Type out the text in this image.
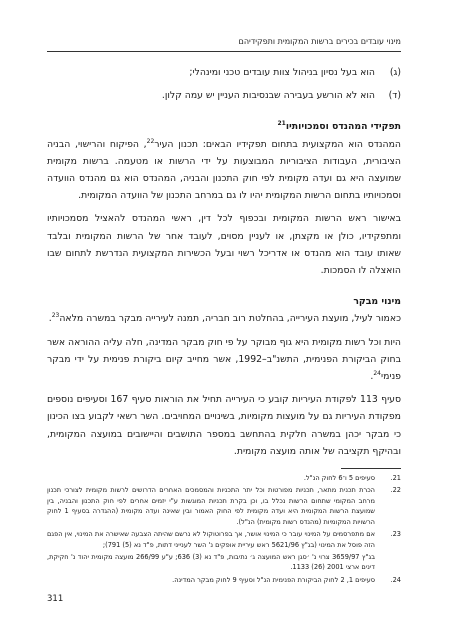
מינוי עובדים בכירים ברשות המקומית ותפקידיהם
(ג)
הוא בעל נסיון בניהול צוות עובדים טכני ומינהלי;
(ד)
הוא לא הורשע בעבירה שבנסיבות העניין יש עמה קלון.
תפקידי המהנדס וסמכויותיו$^{21}$
המהנדס הוא המקצועית בתחום תפקידיו הבאים: תכנון העיר$^{22}$, הפיקוח והרישוי, הבניה הציבורית, העבודות הציבוריות המבוצעות על ידי הרשות או מטעמה. ברשות מקומית שמועצה היא גם ועדה מקומית לפי חוק התכנון והבניה, המהנדס הוא גם מהנדס הוועדה וסמכויותיו בתחום הרשות המקומית יהיו לו גם במרחב התכנון של הוועדה המקומית.
באישור ראש הרשות המקומית ובכפוף לכל דין, ראשי המהנדס להאציל מסמכויותיו ומתפקידיו, כולן או מקצתן, או לעניין מסוים, לעובד אחר של הרשות המקומית ובלבד שאותו עובד הוא מהנדס או אדריכל רשוי ובעל הכשירות המקצועית הנדרשת לתחום שבו הואצלה לו הסמכות.
מינוי מבקר
כאמור לעיל, מועצת העירייה, בהחלטת רוב חבריה, תמנה לעירייה מבקר במשרה מלאה$^{23}$.
היות וכל רשות מקומית היא גוף מבוקר על פי חוק מבקר המדינה, חלה עליה ההוראה אשר בחוק הביקורת הפנימית, התשנ"ב–1992, אשר מחייב קיום ביקורת פנימית על ידי מבקר פנימי$^{24}$.
סעיף 113 לפקודת העיריות קובע כי העירייה תחיל את הוראות סעיף 167 וסעיפים נוספים מפקודת העיריות גם על מועצות מקומיות, בשינויים המחויבים. השר רשאי לקבוע בצו הכינון כי מבקר יכהן במשרה חלקית בהתחשב במספר התושבים והיישובים במועצה המקומית, ובהיקף תקציבה של אותה מועצה מקומית.
21.
סעיפים 5 ו־6 לחוק הנ"ל.
22.
הכרת תכנית מתאר, תכניות מפורטות וכל יתר התכניות והמסמכים האחרים הדרושים לרשות מקומית לצורכי תכנון מרחב המקומי שתחום הרשות נכלל בו, וכן בקרת תכניות המוגשות ע"י יזמים אחרים לפי חוק התכנון והבניה, בין שמועצת הרשות המקומית היא ועדה מקומית לפי החוק האמור ובין שאינה ועדה מקומית (ההגדרה בסעיף 1 לחוק הרשויות המקומיות (מהנדס רשות מקומית) הנ"ל).
23.
אם מתפרסמים על המינוי עובר כי המינוי אושר, אך בפרוטוקול לא נרשם שהיתה הצבעה שאישרה את המינוי, אין הפגם הזה פוסל את המינוי (בג"ץ 5621/96 ראש עיריית אופקים נ' השר לענייני דתות, פ"ד נא (5) 791);
בג"ץ 3659/97 צרוי נ' ׳סגן ראש המועצה ג׳ נתיבות, פ"ד נא (3) 636; ע"ע 266/99 מועצה מקומית יהוד נ' חקיקת, דינים ארצי 2001 (26) 1133.
24.
סעיפים 1, 2 לחוק הביקורת הפנימית הנ"ל וסעיף 9 לחוק מבקר המדינה.
311
